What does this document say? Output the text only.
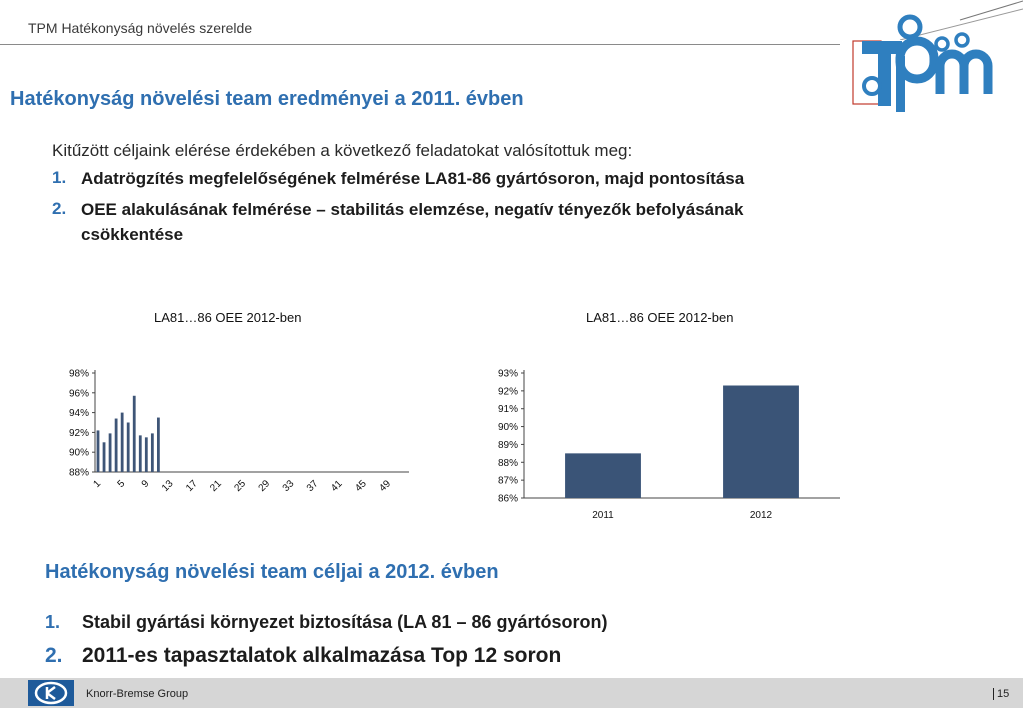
TPM Hatékonyság növelés szerelde
Hatékonyság növelési team eredményei a 2011. évben
Kitűzött céljaink elérése érdekében a következő feladatokat valósítottuk meg:
1. Adatrögzítés megfelelőségének felmérése LA81-86 gyártósoron, majd pontosítása
2. OEE alakulásának felmérése – stabilitás elemzése, negatív tényezők befolyásának
csökkentése
LA81…86 OEE 2012-ben	LA81…86 OEE 2012-ben
98%
96%
94%
92%
90%
88%
1 5 9 13 17 21 25 29 33 37 41 45 49
93%
92%
91%
90%
89%
88%
87%
86%
2011	2012
Hatékonyság növelési team céljai a 2012. évben
1. Stabil gyártási környezet biztosítása (LA 81 – 86 gyártósoron)
2. 2011-es tapasztalatok alkalmazása Top 12 soron
Knorr-Bremse Group	15
